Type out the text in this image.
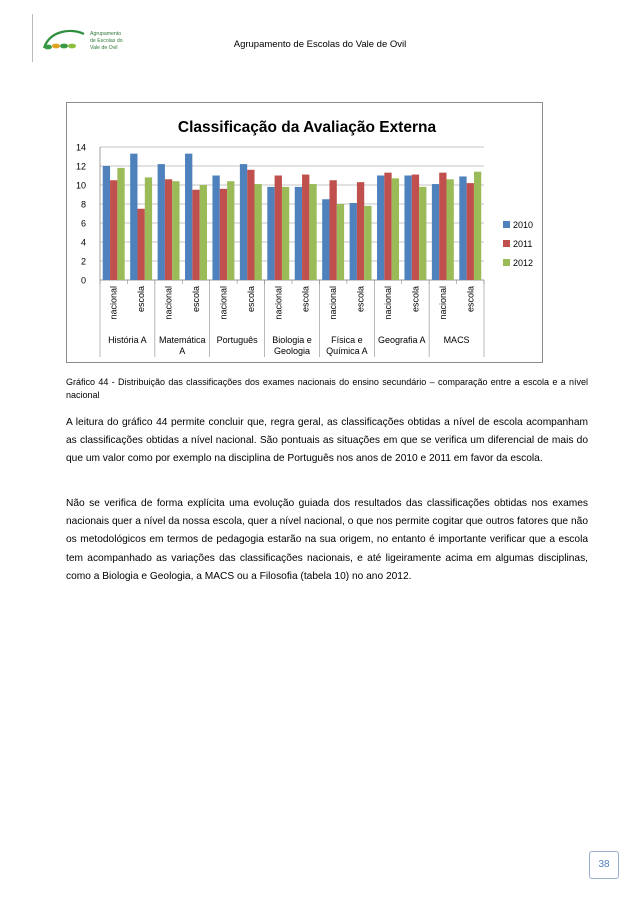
Agrupamento
de Escolas do
Vale de Ovil	Agrupamento de Escolas do Vale de Ovil
Classificação da Avaliação Externa
0
2
4
6
8
10
12
14
nacional escola nacional escola nacional escola nacional escola nacional escola nacional escola nacional escola
História A Matemática
A
Português Biologia e
Geologia
Física e
Química A
Geografia A MACS
2010
2011
2012
Gráfico 44 - Distribuição das classificações dos exames nacionais do ensino secundário – comparação entre a escola e a nível nacional
A leitura do gráfico 44 permite concluir que, regra geral, as classificações obtidas a nível de escola acompanham as classificações obtidas a nível nacional. São pontuais as situações em que se verifica um diferencial de mais do que um valor como por exemplo na disciplina de Português nos anos de 2010 e 2011 em favor da escola.
Não se verifica de forma explícita uma evolução guiada dos resultados das classificações obtidas nos exames nacionais quer a nível da nossa escola, quer a nível nacional, o que nos permite cogitar que outros fatores que não os metodológicos em termos de pedagogia estarão na sua origem, no entanto é importante verificar que a escola tem acompanhado as variações das classificações nacionais, e até ligeiramente acima em algumas disciplinas, como a Biologia e Geologia, a MACS ou a Filosofia (tabela 10) no ano 2012.
38
